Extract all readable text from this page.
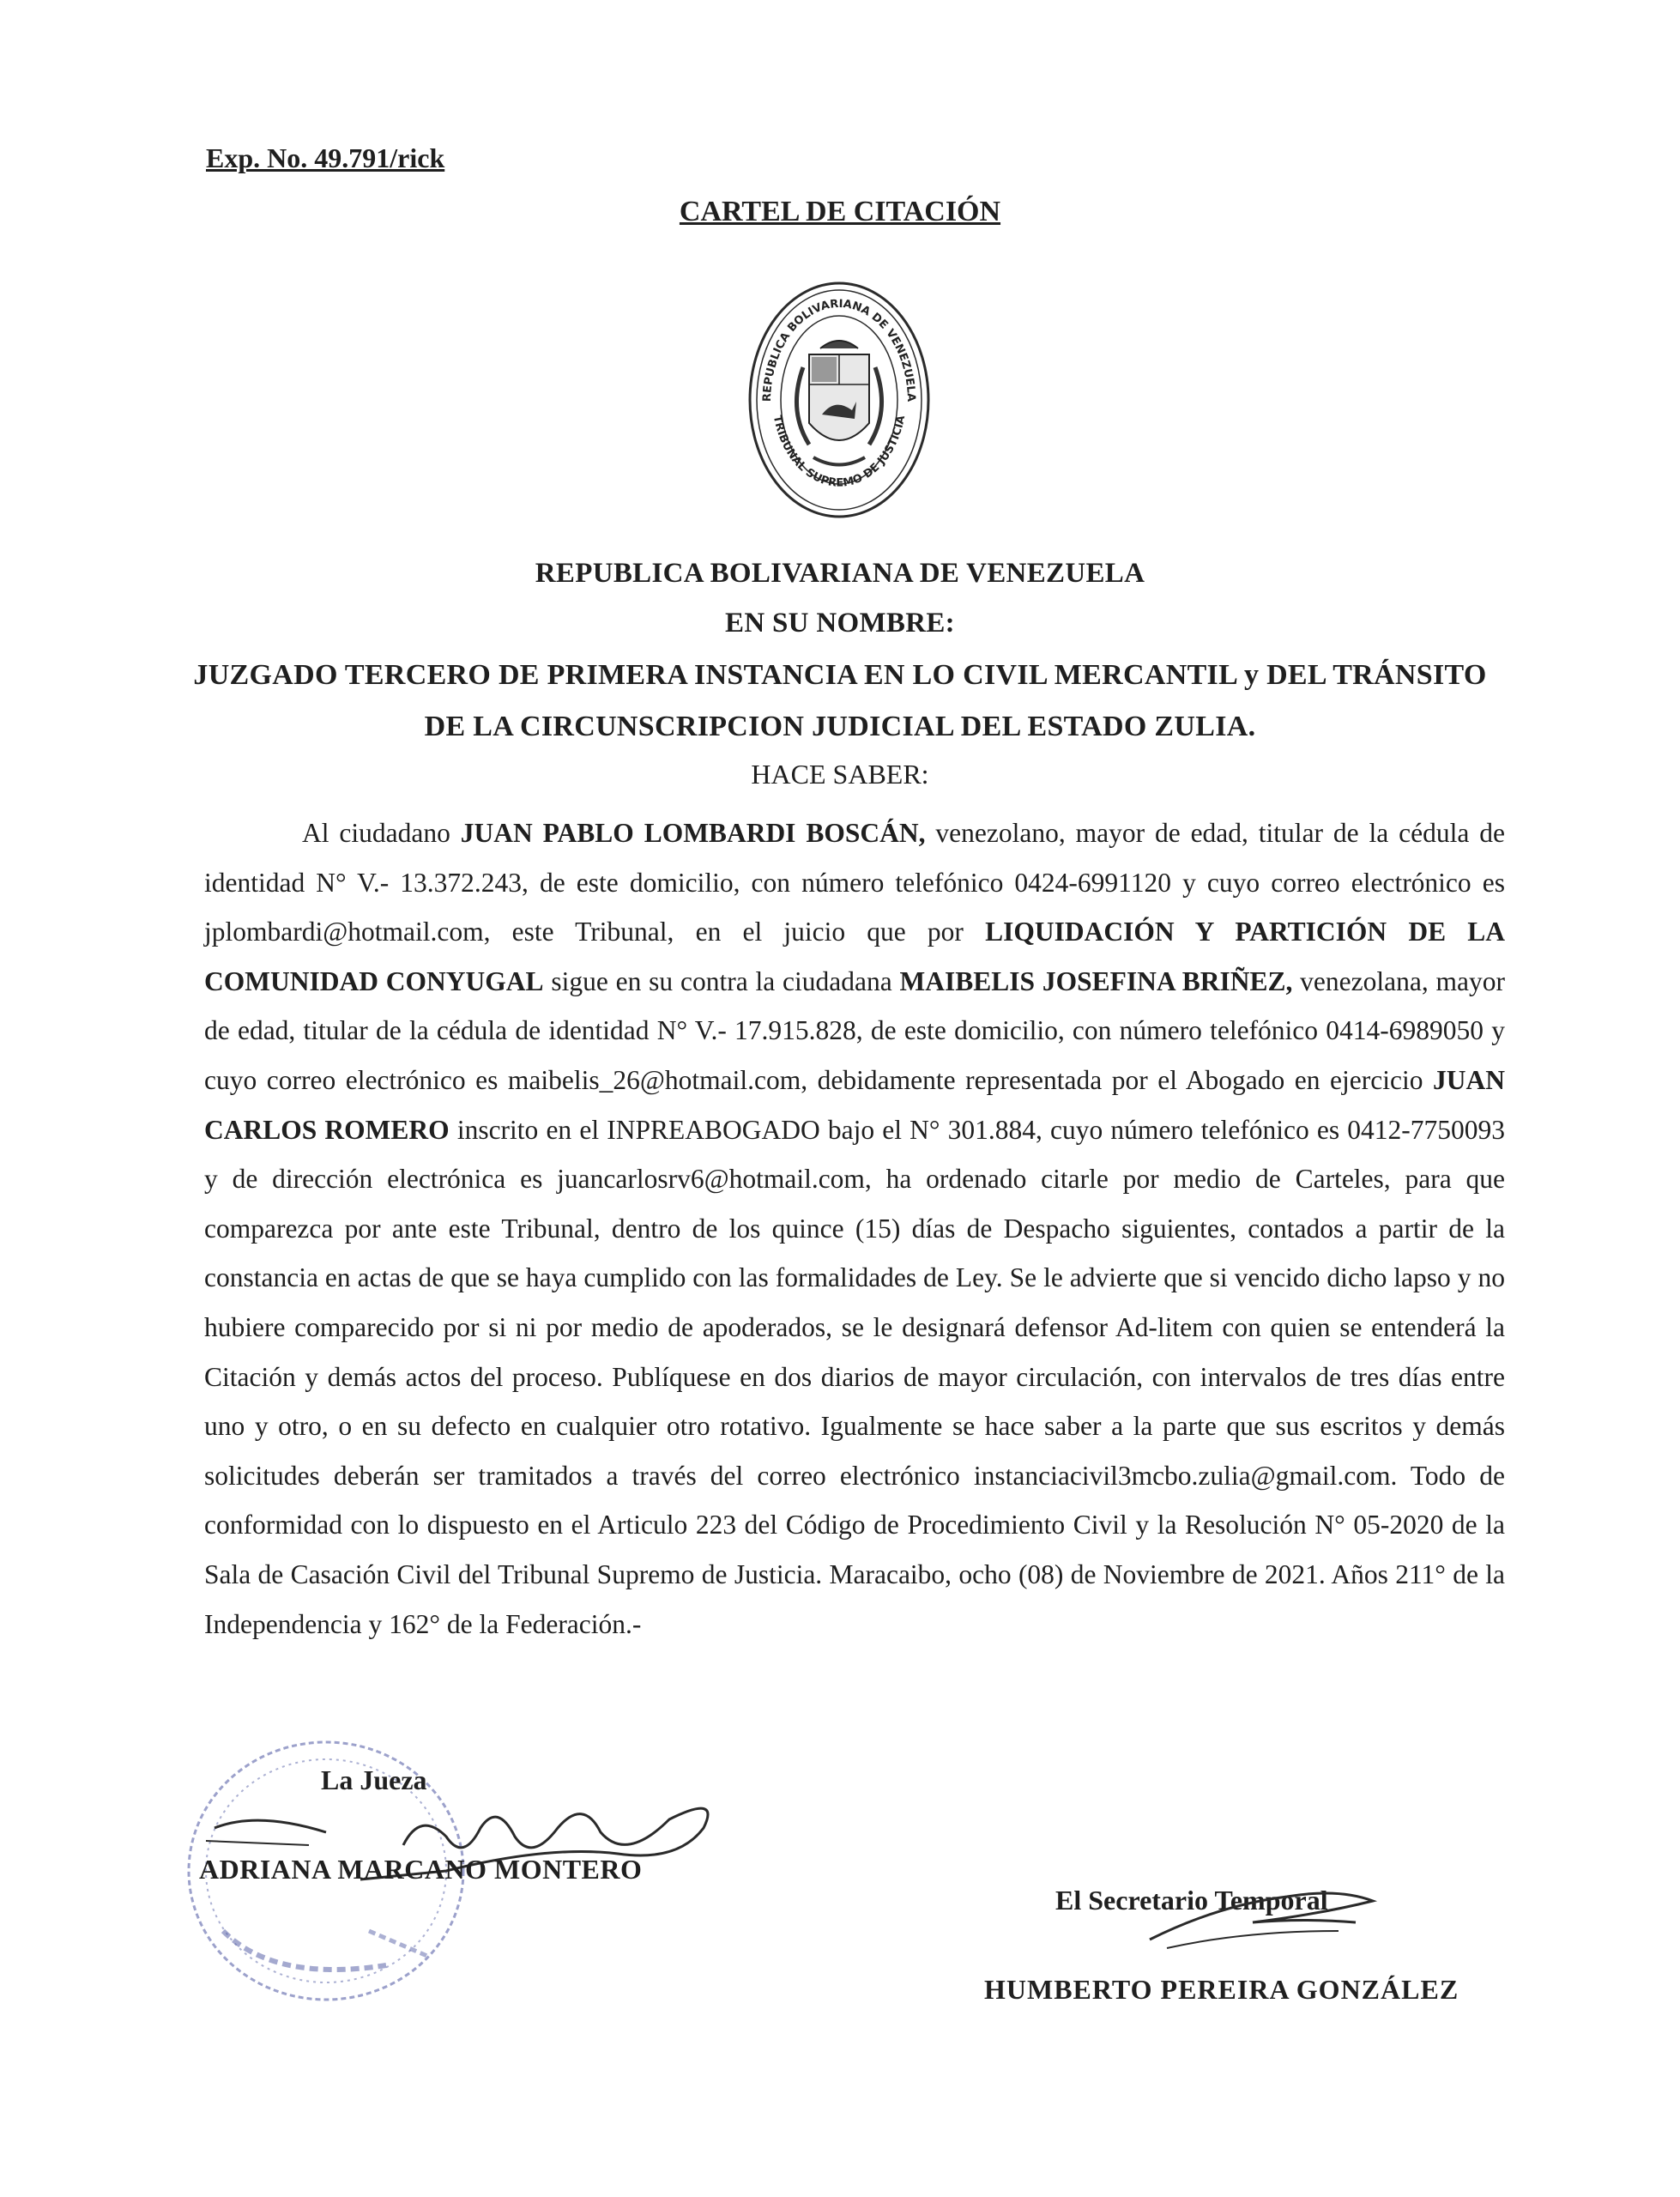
Exp. No. 49.791/rick
CARTEL DE CITACIÓN
REPUBLICA BOLIVARIANA DE VENEZUELA
TRIBUNAL SUPREMO DE JUSTICIA
REPUBLICA BOLIVARIANA DE VENEZUELA
EN SU NOMBRE:
JUZGADO TERCERO DE PRIMERA INSTANCIA EN LO CIVIL MERCANTIL y DEL TRÁNSITO
DE LA CIRCUNSCRIPCION JUDICIAL DEL ESTADO ZULIA.
HACE SABER:

Al ciudadano JUAN PABLO LOMBARDI BOSCÁN, venezolano, mayor de edad, titular de la cédula de identidad N° V.- 13.372.243, de este domicilio, con número telefónico 0424-6991120 y cuyo correo electrónico es jplombardi@hotmail.com, este Tribunal, en el juicio que por LIQUIDACIÓN Y PARTICIÓN DE LA COMUNIDAD CONYUGAL sigue en su contra la ciudadana MAIBELIS JOSEFINA BRIÑEZ, venezolana, mayor de edad, titular de la cédula de identidad N° V.- 17.915.828, de este domicilio, con número telefónico 0414-6989050 y cuyo correo electrónico es maibelis_26@hotmail.com, debidamente representada por el Abogado en ejercicio JUAN CARLOS ROMERO inscrito en el INPREABOGADO bajo el N° 301.884, cuyo número telefónico es 0412-7750093 y de dirección electrónica es juancarlosrv6@hotmail.com, ha ordenado citarle por medio de Carteles, para que comparezca por ante este Tribunal, dentro de los quince (15) días de Despacho siguientes, contados a partir de la constancia en actas de que se haya cumplido con las formalidades de Ley. Se le advierte que si vencido dicho lapso y no hubiere comparecido por si ni por medio de apoderados, se le designará defensor Ad-litem con quien se entenderá la Citación y demás actos del proceso. Publíquese en dos diarios de mayor circulación, con intervalos de tres días entre uno y otro, o en su defecto en cualquier otro rotativo. Igualmente se hace saber a la parte que sus escritos y demás solicitudes deberán ser tramitados a través del correo electrónico instanciacivil3mcbo.zulia@gmail.com. Todo de conformidad con lo dispuesto en el Articulo 223 del Código de Procedimiento Civil y la Resolución N° 05-2020 de la Sala de Casación Civil del Tribunal Supremo de Justicia. Maracaibo, ocho (08) de Noviembre de 2021. Años 211° de la Independencia y 162° de la Federación.-

La Jueza
ADRIANA MARCANO MONTERO
El Secretario Temporal
HUMBERTO PEREIRA GONZÁLEZ
